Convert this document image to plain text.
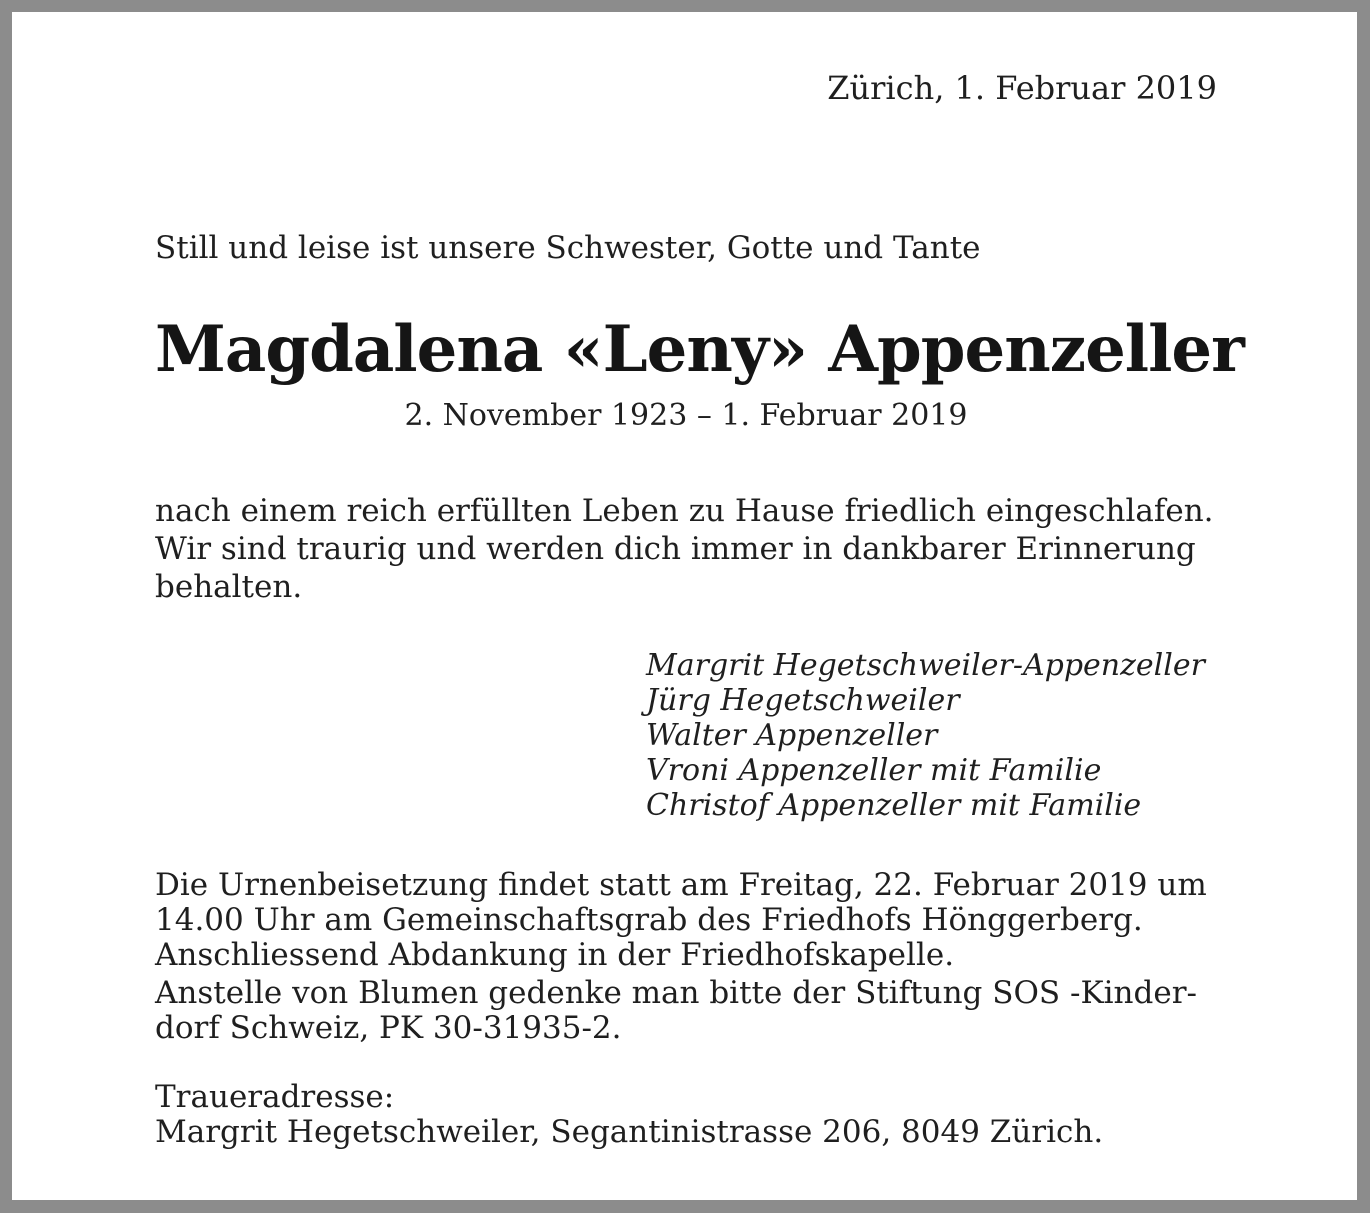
Zürich, 1. Februar 2019
Still und leise ist unsere Schwester, Gotte und Tante
Magdalena «Leny» Appenzeller
2. November 1923 – 1. Februar 2019
nach einem reich erfüllten Leben zu Hause friedlich eingeschlafen.
Wir sind traurig und werden dich immer in dankbarer Erinnerung
behalten.
Margrit Hegetschweiler-Appenzeller
Jürg Hegetschweiler
Walter Appenzeller
Vroni Appenzeller mit Familie
Christof Appenzeller mit Familie
Die Urnenbeisetzung findet statt am Freitag, 22. Februar 2019 um
14.00 Uhr am Gemeinschaftsgrab des Friedhofs Hönggerberg.
Anschliessend Abdankung in der Friedhofskapelle.
Anstelle von Blumen gedenke man bitte der Stiftung SOS -Kinder-
dorf Schweiz, PK 30-31935-2.
Traueradresse:
Margrit Hegetschweiler, Segantinistrasse 206, 8049 Zürich.
